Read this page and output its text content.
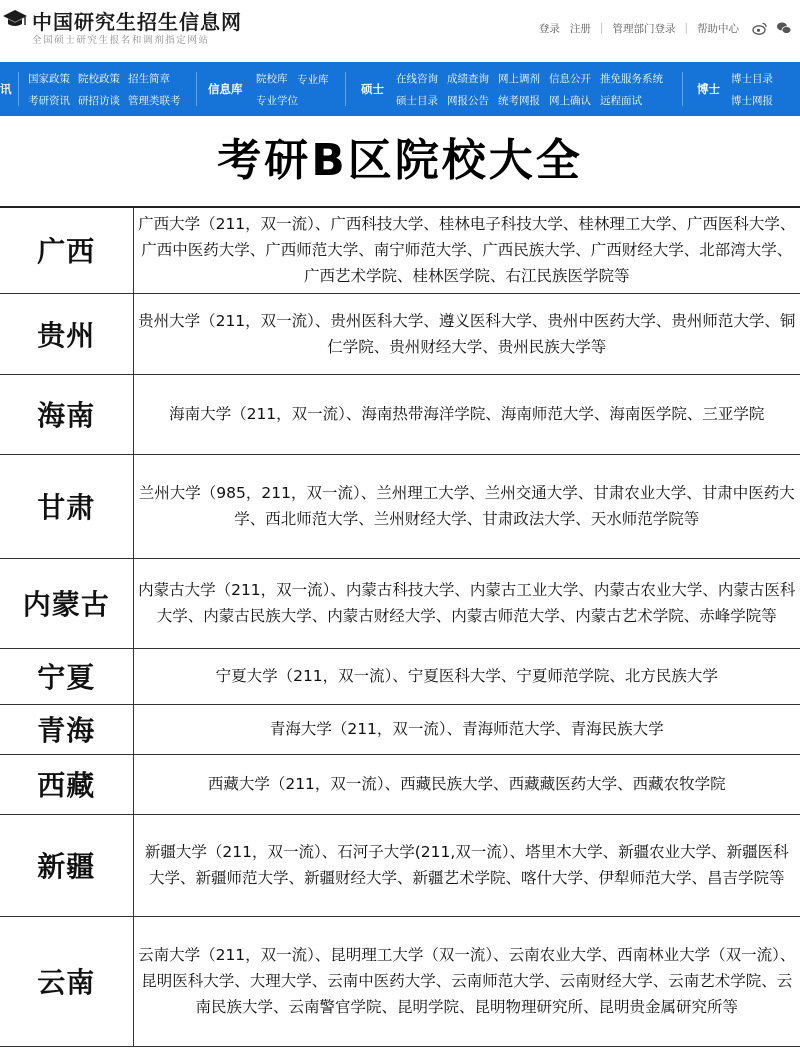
中国研究生招生信息网
全国硕士研究生报名和调剂指定网站
登录 注册 | 管理部门登录 | 帮助中心
讯
国家政策
考研资讯
院校政策
研招访谈
招生简章
管理类联考
信息库
院校库
专业学位
专业库
硕士
在线咨询
硕士目录
成绩查询
网报公告
网上调剂
统考网报
信息公开
网上确认
推免服务系统
远程面试
博士
博士目录
博士网报
考研B区院校大全
广西	广西大学（211，双一流）、广西科技大学、桂林电子科技大学、桂林理工大学、广西医科大学、广西中医药大学、广西师范大学、南宁师范大学、广西民族大学、广西财经大学、北部湾大学、广西艺术学院、桂林医学院、右江民族医学院等
贵州	贵州大学（211，双一流）、贵州医科大学、遵义医科大学、贵州中医药大学、贵州师范大学、铜仁学院、贵州财经大学、贵州民族大学等
海南	海南大学（211，双一流）、海南热带海洋学院、海南师范大学、海南医学院、三亚学院
甘肃	兰州大学（985，211，双一流）、兰州理工大学、兰州交通大学、甘肃农业大学、甘肃中医药大学、西北师范大学、兰州财经大学、甘肃政法大学、天水师范学院等
内蒙古	内蒙古大学（211，双一流）、内蒙古科技大学、内蒙古工业大学、内蒙古农业大学、内蒙古医科大学、内蒙古民族大学、内蒙古财经大学、内蒙古师范大学、内蒙古艺术学院、赤峰学院等
宁夏	宁夏大学（211，双一流）、宁夏医科大学、宁夏师范学院、北方民族大学
青海	青海大学（211，双一流）、青海师范大学、青海民族大学
西藏	西藏大学（211，双一流）、西藏民族大学、西藏藏医药大学、西藏农牧学院
新疆	新疆大学（211，双一流）、石河子大学(211,双一流）、塔里木大学、新疆农业大学、新疆医科大学、新疆师范大学、新疆财经大学、新疆艺术学院、喀什大学、伊犁师范大学、昌吉学院等
云南	云南大学（211，双一流）、昆明理工大学（双一流）、云南农业大学、西南林业大学（双一流）、昆明医科大学、大理大学、云南中医药大学、云南师范大学、云南财经大学、云南艺术学院、云南民族大学、云南警官学院、昆明学院、昆明物理研究所、昆明贵金属研究所等
